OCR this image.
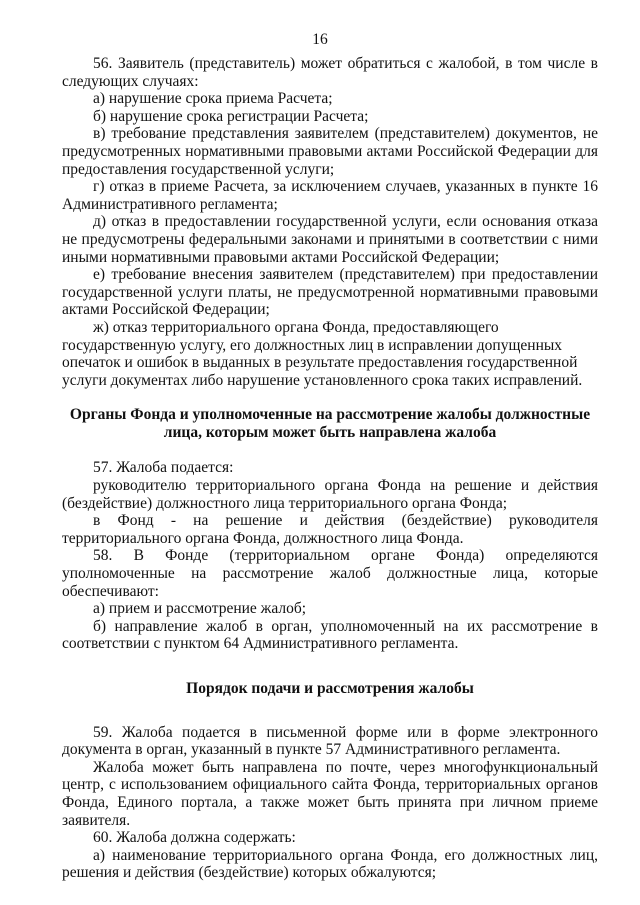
16

56. Заявитель (представитель) может обратиться с жалобой, в том числе в следующих случаях:

а) нарушение срока приема Расчета;

б) нарушение срока регистрации Расчета;

в) требование представления заявителем (представителем) документов, не предусмотренных нормативными правовыми актами Российской Федерации для предоставления государственной услуги;

г) отказ в приеме Расчета, за исключением случаев, указанных в пункте 16 Административного регламента;

д) отказ в предоставлении государственной услуги, если основания отказа не предусмотрены федеральными законами и принятыми в соответствии с ними иными нормативными правовыми актами Российской Федерации;

е) требование внесения заявителем (представителем) при предоставлении государственной услуги платы, не предусмотренной нормативными правовыми актами Российской Федерации;

ж) отказ территориального органа Фонда, предоставляющего государственную услугу, его должностных лиц в исправлении допущенных опечаток и ошибок в выданных в результате предоставления государственной услуги документах либо нарушение установленного срока таких исправлений.

Органы Фонда и уполномоченные на рассмотрение жалобы должностные лица, которым может быть направлена жалоба

57. Жалоба подается:

руководителю территориального органа Фонда на решение и действия (бездействие) должностного лица территориального органа Фонда;

в Фонд - на решение и действия (бездействие) руководителя территориального органа Фонда, должностного лица Фонда.

58. В Фонде (территориальном органе Фонда) определяются уполномоченные на рассмотрение жалоб должностные лица, которые обеспечивают:

а) прием и рассмотрение жалоб;

б) направление жалоб в орган, уполномоченный на их рассмотрение в соответствии с пунктом 64 Административного регламента.

Порядок подачи и рассмотрения жалобы

59. Жалоба подается в письменной форме или в форме электронного документа в орган, указанный в пункте 57 Административного регламента.

Жалоба может быть направлена по почте, через многофункциональный центр, с использованием официального сайта Фонда, территориальных органов Фонда, Единого портала, а также может быть принята при личном приеме заявителя.

60. Жалоба должна содержать:

а) наименование территориального органа Фонда, его должностных лиц, решения и действия (бездействие) которых обжалуются;
